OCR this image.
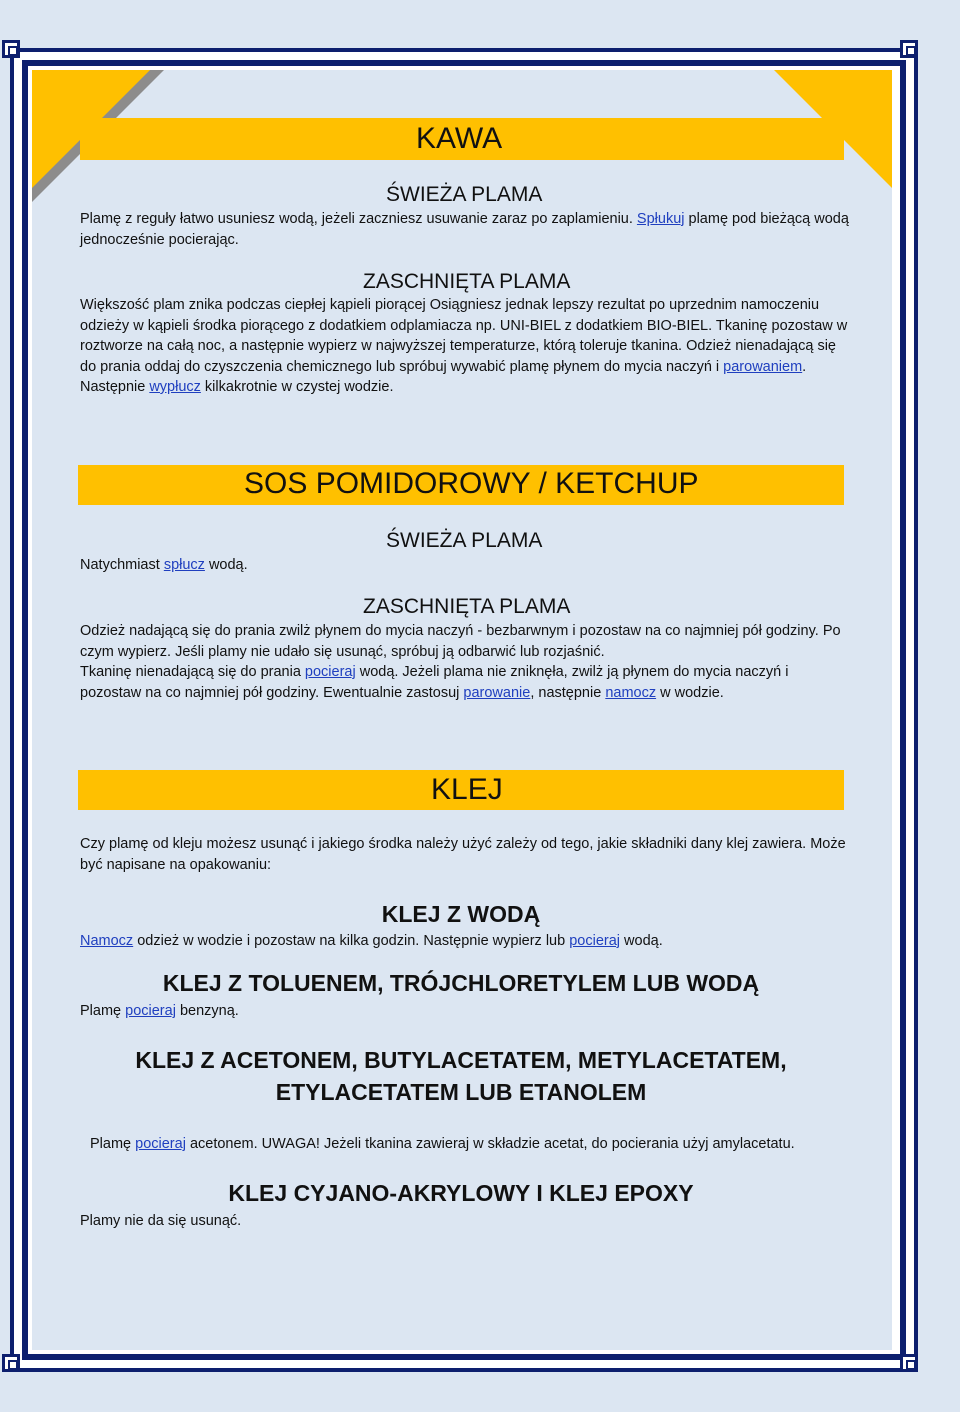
KAWA
ŚWIEŻA PLAMA
Plamę z reguły łatwo usuniesz wodą, jeżeli zaczniesz usuwanie zaraz po zaplamieniu. Spłukuj plamę pod bieżącą wodą jednocześnie pocierając.
ZASCHNIĘTA PLAMA
Większość plam znika podczas ciepłej kąpieli piorącej Osiągniesz jednak lepszy rezultat po uprzednim namoczeniu odzieży w kąpieli środka piorącego z dodatkiem odplamiacza np. UNI-BIEL z dodatkiem BIO-BIEL. Tkaninę pozostaw w roztworze na całą noc, a następnie wypierz w najwyższej temperaturze, którą toleruje tkanina. Odzież nienadającą się do prania oddaj do czyszczenia chemicznego lub spróbuj wywabić plamę płynem do mycia naczyń i parowaniem. Następnie wypłucz kilkakrotnie w czystej wodzie.
SOS POMIDOROWY / KETCHUP
ŚWIEŻA PLAMA
Natychmiast spłucz wodą.
ZASCHNIĘTA PLAMA
Odzież nadającą się do prania zwilż płynem do mycia naczyń - bezbarwnym i pozostaw na co najmniej pół godziny. Po czym wypierz. Jeśli plamy nie udało się usunąć, spróbuj ją odbarwić lub rozjaśnić.
Tkaninę nienadającą się do prania pocieraj wodą. Jeżeli plama nie zniknęła, zwilż ją płynem do mycia naczyń i pozostaw na co najmniej pół godziny. Ewentualnie zastosuj parowanie, następnie namocz w wodzie.
KLEJ
Czy plamę od kleju możesz usunąć i jakiego środka należy użyć zależy od tego, jakie składniki dany klej zawiera. Może być napisane na opakowaniu:
KLEJ Z WODĄ
Namocz odzież w wodzie i pozostaw na kilka godzin. Następnie wypierz lub pocieraj wodą.
KLEJ Z TOLUENEM, TRÓJCHLORETYLEM LUB WODĄ
Plamę pocieraj benzyną.
KLEJ Z ACETONEM, BUTYLACETATEM, METYLACETATEM,
ETYLACETATEM LUB ETANOLEM
Plamę pocieraj acetonem. UWAGA! Jeżeli tkanina zawieraj w składzie acetat, do pocierania użyj amylacetatu.
KLEJ CYJANO-AKRYLOWY I KLEJ EPOXY
Plamy nie da się usunąć.
